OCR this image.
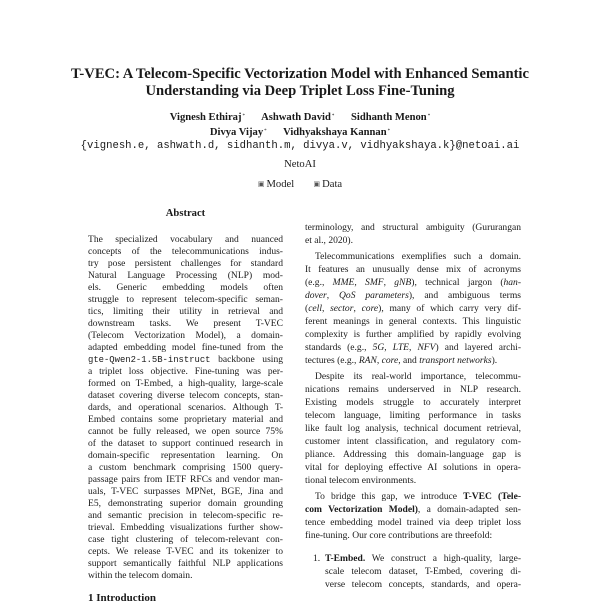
T-VEC: A Telecom-Specific Vectorization Model with Enhanced Semantic
Understanding via Deep Triplet Loss Fine-Tuning
Vignesh Ethiraj* Ashwath David* Sidhanth Menon*
Divya Vijay* Vidhyakshaya Kannan*
{vignesh.e, ashwath.d, sidhanth.m, divya.v, vidhyakshaya.k}@netoai.ai
NetoAI
▣ Model	▣ Data
Abstract
The specialized vocabulary and nuanced
concepts of the telecommunications indus-
try pose persistent challenges for standard
Natural Language Processing (NLP) mod-
els. Generic embedding models often
struggle to represent telecom-specific seman-
tics, limiting their utility in retrieval and
downstream tasks. We present T-VEC
(Telecom Vectorization Model), a domain-
adapted embedding model fine-tuned from the
gte-Qwen2-1.5B-instruct backbone using
a triplet loss objective. Fine-tuning was per-
formed on T-Embed, a high-quality, large-scale
dataset covering diverse telecom concepts, stan-
dards, and operational scenarios. Although T-
Embed contains some proprietary material and
cannot be fully released, we open source 75%
of the dataset to support continued research in
domain-specific representation learning. On
a custom benchmark comprising 1500 query-
passage pairs from IETF RFCs and vendor man-
uals, T-VEC surpasses MPNet, BGE, Jina and
E5, demonstrating superior domain grounding
and semantic precision in telecom-specific re-
trieval. Embedding visualizations further show-
case tight clustering of telecom-relevant con-
cepts. We release T-VEC and its tokenizer to
support semantically faithful NLP applications
within the telecom domain.
1 Introduction
terminology, and structural ambiguity (Gururangan
et al., 2020).
Telecommunications exemplifies such a domain.
It features an unusually dense mix of acronyms
(e.g., MME, SMF, gNB), technical jargon (han-
dover, QoS parameters), and ambiguous terms
(cell, sector, core), many of which carry very dif-
ferent meanings in general contexts. This linguistic
complexity is further amplified by rapidly evolving
standards (e.g., 5G, LTE, NFV) and layered archi-
tectures (e.g., RAN, core, and transport networks).
Despite its real-world importance, telecommu-
nications remains underserved in NLP research.
Existing models struggle to accurately interpret
telecom language, limiting performance in tasks
like fault log analysis, technical document retrieval,
customer intent classification, and regulatory com-
pliance. Addressing this domain-language gap is
vital for deploying effective AI solutions in opera-
tional telecom environments.
To bridge this gap, we introduce T-VEC (Tele-
com Vectorization Model), a domain-adapted sen-
tence embedding model trained via deep triplet loss
fine-tuning. Our core contributions are threefold:
1. T-Embed. We construct a high-quality, large-
scale telecom dataset, T-Embed, covering di-
verse telecom concepts, standards, and opera-
